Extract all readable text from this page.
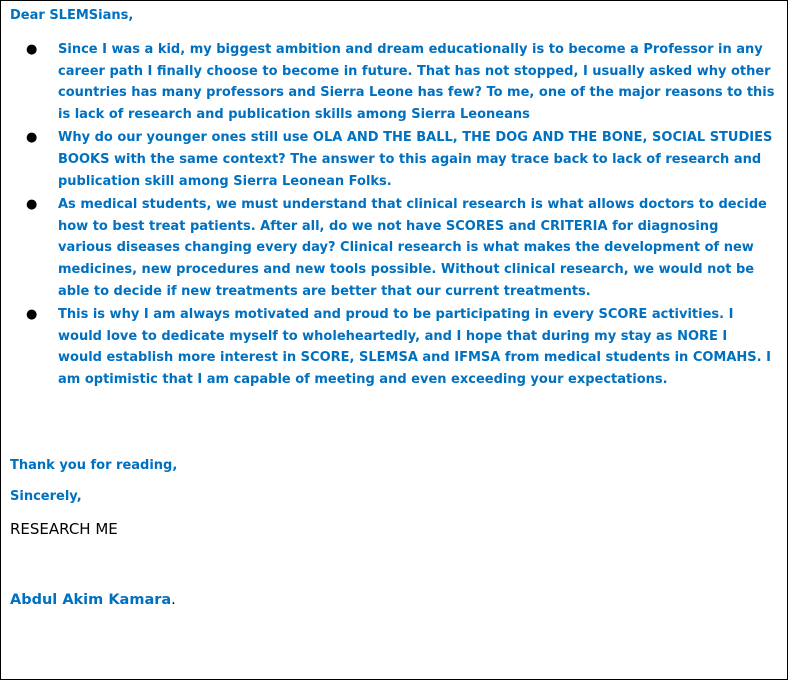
Dear SLEMSians,

● Since I was a kid, my biggest ambition and dream educationally is to become a Professor in any career path I finally choose to become in future. That has not stopped, I usually asked why other countries has many professors and Sierra Leone has few? To me, one of the major reasons to this is lack of research and publication skills among Sierra Leoneans
● Why do our younger ones still use OLA AND THE BALL, THE DOG AND THE BONE, SOCIAL STUDIES BOOKS with the same context? The answer to this again may trace back to lack of research and publication skill among Sierra Leonean Folks.
● As medical students, we must understand that clinical research is what allows doctors to decide how to best treat patients. After all, do we not have SCORES and CRITERIA for diagnosing various diseases changing every day? Clinical research is what makes the development of new medicines, new procedures and new tools possible. Without clinical research, we would not be able to decide if new treatments are better that our current treatments.
● This is why I am always motivated and proud to be participating in every SCORE activities. I would love to dedicate myself to wholeheartedly, and I hope that during my stay as NORE I would establish more interest in SCORE, SLEMSA and IFMSA from medical students in COMAHS. I am optimistic that I am capable of meeting and even exceeding your expectations.

Thank you for reading,

Sincerely,

RESEARCH ME

Abdul Akim Kamara.
